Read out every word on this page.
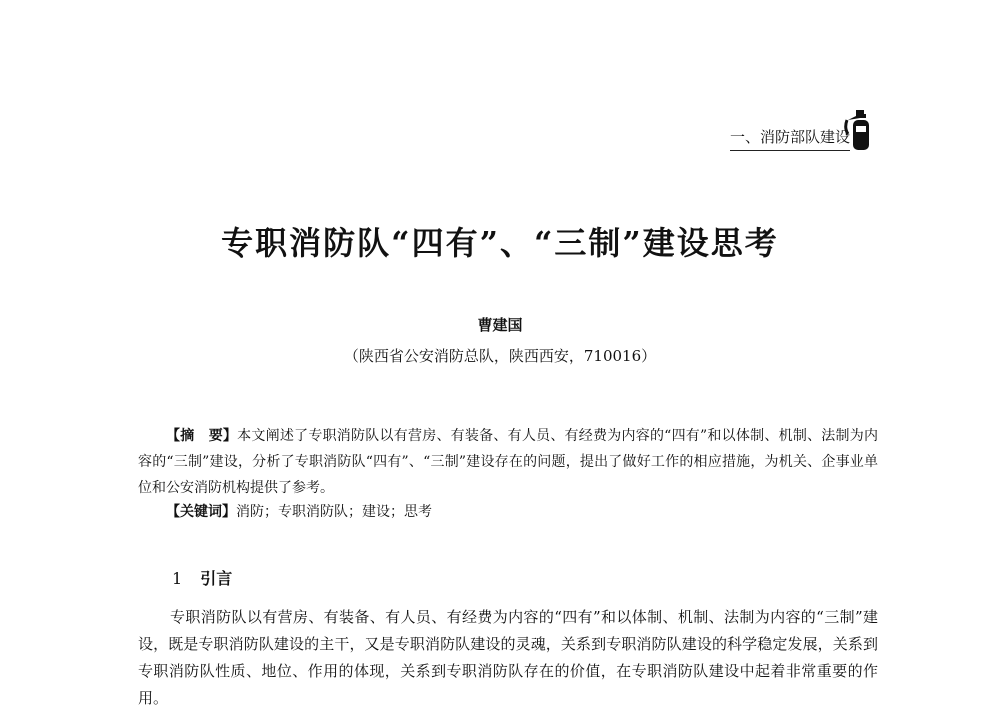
一、消防部队建设
专职消防队“四有”、“三制”建设思考
曹建国
（陕西省公安消防总队，陕西西安，710016）

【摘　要】本文阐述了专职消防队以有营房、有装备、有人员、有经费为内容的“四有”和以体制、机制、法制为内容的“三制”建设，分析了专职消防队“四有”、“三制”建设存在的问题，提出了做好工作的相应措施，为机关、企事业单位和公安消防机构提供了参考。

【关键词】消防；专职消防队；建设；思考
1 引言

专职消防队以有营房、有装备、有人员、有经费为内容的“四有”和以体制、机制、法制为内容的“三制”建设，既是专职消防队建设的主干，又是专职消防队建设的灵魂，关系到专职消防队建设的科学稳定发展，关系到专职消防队性质、地位、作用的体现，关系到专职消防队存在的价值，在专职消防队建设中起着非常重要的作用。
